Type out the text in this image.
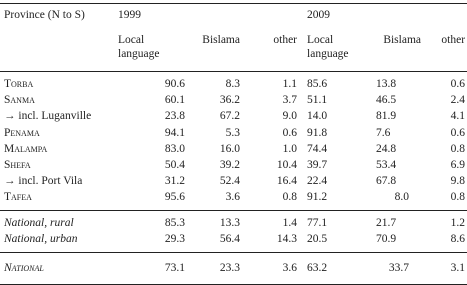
Province (N to S)	1999			2009		
	Local language	Bislama	other	Local language	Bislama	other
Torba	90.6	8.3	1.1	85.6	13.8	0.6
Sanma	60.1	36.2	3.7	51.1	46.5	2.4
→ incl. Luganville	23.8	67.2	9.0	14.0	81.9	4.1
Penama	94.1	5.3	0.6	91.8	7.6	0.6
Malampa	83.0	16.0	1.0	74.4	24.8	0.8
Shefa	50.4	39.2	10.4	39.7	53.4	6.9
→ incl. Port Vila	31.2	52.4	16.4	22.4	67.8	9.8
Tafea	95.6	3.6	0.8	91.2	8.0	0.8
National, rural	85.3	13.3	1.4	77.1	21.7	1.2
National, urban	29.3	56.4	14.3	20.5	70.9	8.6
National	73.1	23.3	3.6	63.2	33.7	3.1
